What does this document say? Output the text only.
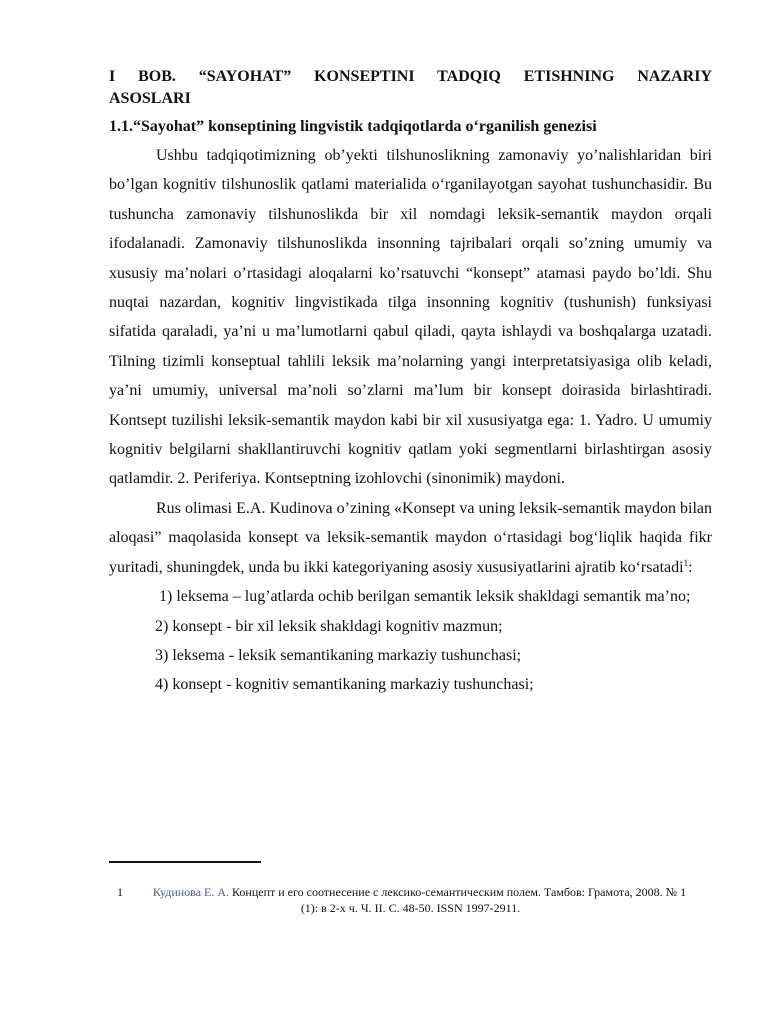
I BOB. “SAYOHAT” KONSEPTINI TADQIQ ETISHNING NAZARIY
ASOSLARI
1.1.“Sayohat” konseptining lingvistik tadqiqotlarda o‘rganilish genezisi

Ushbu tadqiqotimizning ob’yekti tilshunoslikning zamonaviy yo’nalishlaridan biri bo’lgan kognitiv tilshunoslik qatlami materialida o‘rganilayotgan sayohat tushunchasidir. Bu tushuncha zamonaviy tilshunoslikda bir xil nomdagi leksik-semantik maydon orqali ifodalanadi. Zamonaviy tilshunoslikda insonning tajribalari orqali so’zning umumiy va xususiy ma’nolari o’rtasidagi aloqalarni ko’rsatuvchi “konsept” atamasi paydo bo’ldi. Shu nuqtai nazardan, kognitiv lingvistikada tilga insonning kognitiv (tushunish) funksiyasi sifatida qaraladi, ya’ni u ma’lumotlarni qabul qiladi, qayta ishlaydi va boshqalarga uzatadi. Tilning tizimli konseptual tahlili leksik ma’nolarning yangi interpretatsiyasiga olib keladi, ya’ni umumiy, universal ma’noli so’zlarni ma’lum bir konsept doirasida birlashtiradi. Kontsept tuzilishi leksik-semantik maydon kabi bir xil xususiyatga ega: 1. Yadro. U umumiy kognitiv belgilarni shakllantiruvchi kognitiv qatlam yoki segmentlarni birlashtirgan asosiy qatlamdir. 2. Periferiya. Kontseptning izohlovchi (sinonimik) maydoni.

Rus olimasi E.A. Kudinova o’zining «Konsept va uning leksik-semantik maydon bilan aloqasi” maqolasida konsept va leksik-semantik maydon o‘rtasidagi bog‘liqlik haqida fikr yuritadi, shuningdek, unda bu ikki kategoriyaning asosiy xususiyatlarini ajratib ko‘rsatadi$^1$:

1) leksema – lug’atlarda ochib berilgan semantik leksik shakldagi semantik ma’no;

2) konsept - bir xil leksik shakldagi kognitiv mazmun;

3) leksema - leksik semantikaning markaziy tushunchasi;

4) konsept - kognitiv semantikaning markaziy tushunchasi;

1	Кудинова Е. А. Концепт и его соотнесение с лексико-семантическим полем. Тамбов: Грамота, 2008. № 1
(1): в 2-х ч. Ч. II. C. 48-50. ISSN 1997-2911.
